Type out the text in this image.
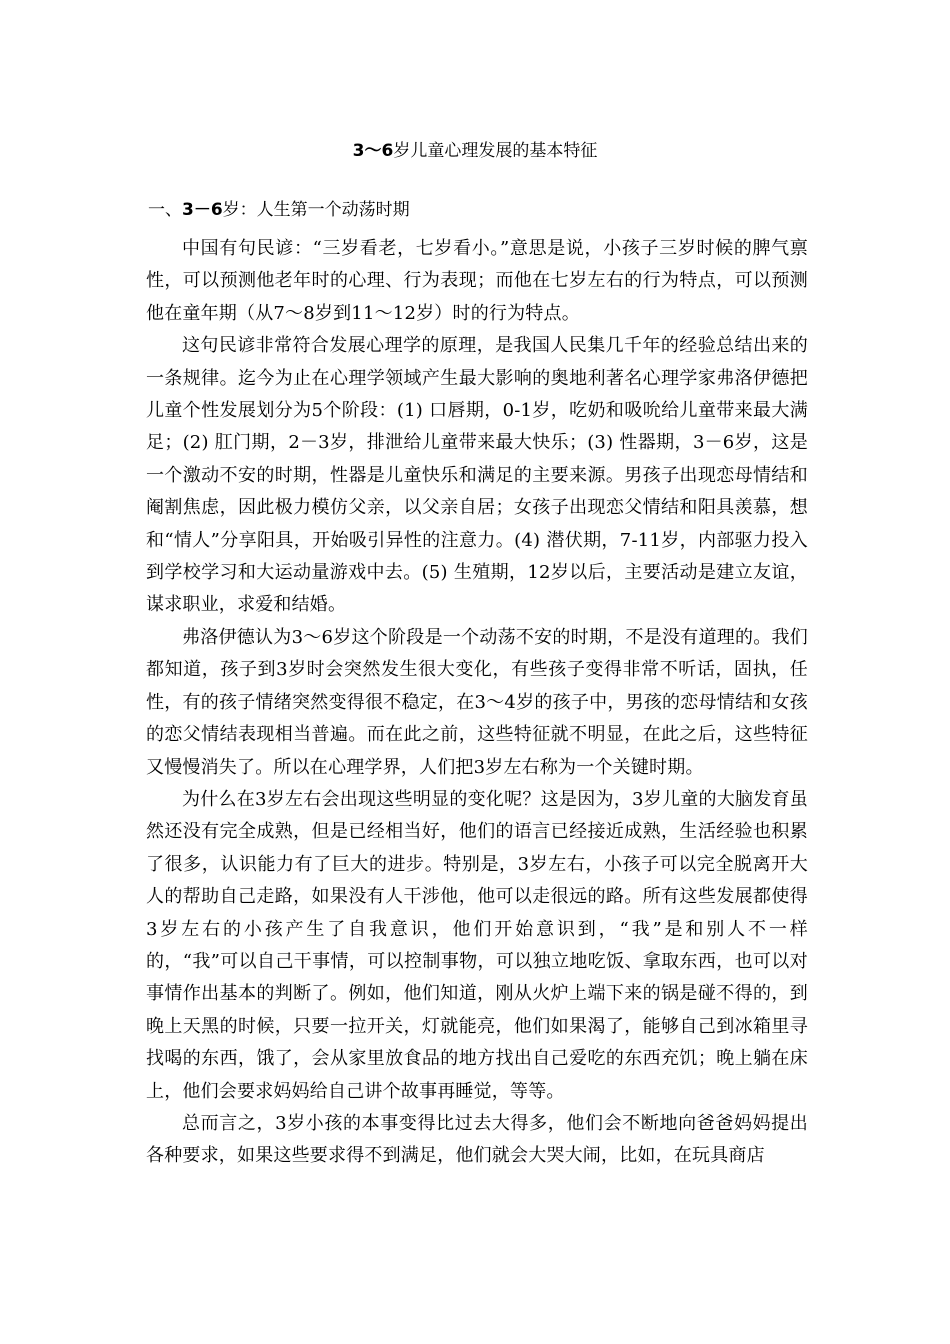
3～6岁儿童心理发展的基本特征
一、3－6岁：人生第一个动荡时期

中国有句民谚：“三岁看老，七岁看小。”意思是说，小孩子三岁时候的脾气禀性，可以预测他老年时的心理、行为表现；而他在七岁左右的行为特点，可以预测他在童年期（从7～8岁到11～12岁）时的行为特点。

这句民谚非常符合发展心理学的原理，是我国人民集几千年的经验总结出来的一条规律。迄今为止在心理学领域产生最大影响的奥地利著名心理学家弗洛伊德把儿童个性发展划分为5个阶段：(1) 口唇期，0-1岁，吃奶和吸吮给儿童带来最大满足；(2) 肛门期，2－3岁，排泄给儿童带来最大快乐；(3) 性器期，3－6岁，这是一个激动不安的时期，性器是儿童快乐和满足的主要来源。男孩子出现恋母情结和阉割焦虑，因此极力模仿父亲，以父亲自居；女孩子出现恋父情结和阳具羡慕，想和“情人”分享阳具，开始吸引异性的注意力。(4) 潜伏期，7-11岁，内部驱力投入到学校学习和大运动量游戏中去。(5) 生殖期，12岁以后，主要活动是建立友谊，谋求职业，求爱和结婚。

弗洛伊德认为3～6岁这个阶段是一个动荡不安的时期，不是没有道理的。我们都知道，孩子到3岁时会突然发生很大变化，有些孩子变得非常不听话，固执，任性，有的孩子情绪突然变得很不稳定，在3～4岁的孩子中，男孩的恋母情结和女孩的恋父情结表现相当普遍。而在此之前，这些特征就不明显，在此之后，这些特征又慢慢消失了。所以在心理学界，人们把3岁左右称为一个关键时期。

为什么在3岁左右会出现这些明显的变化呢？这是因为，3岁儿童的大脑发育虽然还没有完全成熟，但是已经相当好，他们的语言已经接近成熟，生活经验也积累了很多，认识能力有了巨大的进步。特别是，3岁左右，小孩子可以完全脱离开大人的帮助自己走路，如果没有人干涉他，他可以走很远的路。所有这些发展都使得3岁左右的小孩产生了自我意识，他们开始意识到，“我”是和别人不一样的，“我”可以自己干事情，可以控制事物，可以独立地吃饭、拿取东西，也可以对事情作出基本的判断了。例如，他们知道，刚从火炉上端下来的锅是碰不得的，到晚上天黑的时候，只要一拉开关，灯就能亮，他们如果渴了，能够自己到冰箱里寻找喝的东西，饿了，会从家里放食品的地方找出自己爱吃的东西充饥；晚上躺在床上，他们会要求妈妈给自己讲个故事再睡觉，等等。

总而言之，3岁小孩的本事变得比过去大得多，他们会不断地向爸爸妈妈提出各种要求，如果这些要求得不到满足，他们就会大哭大闹，比如，在玩具商店
